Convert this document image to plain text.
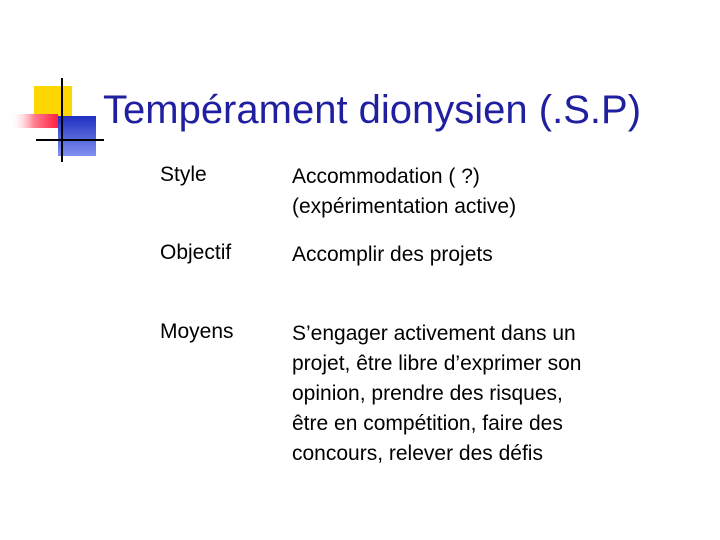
Tempérament dionysien (.S.P)
Style	Accommodation ( ?)
(expérimentation active)
Objectif	Accomplir des projets
Moyens	S’engager activement dans un
projet, être libre d’exprimer son
opinion, prendre des risques,
être en compétition, faire des
concours, relever des défis
